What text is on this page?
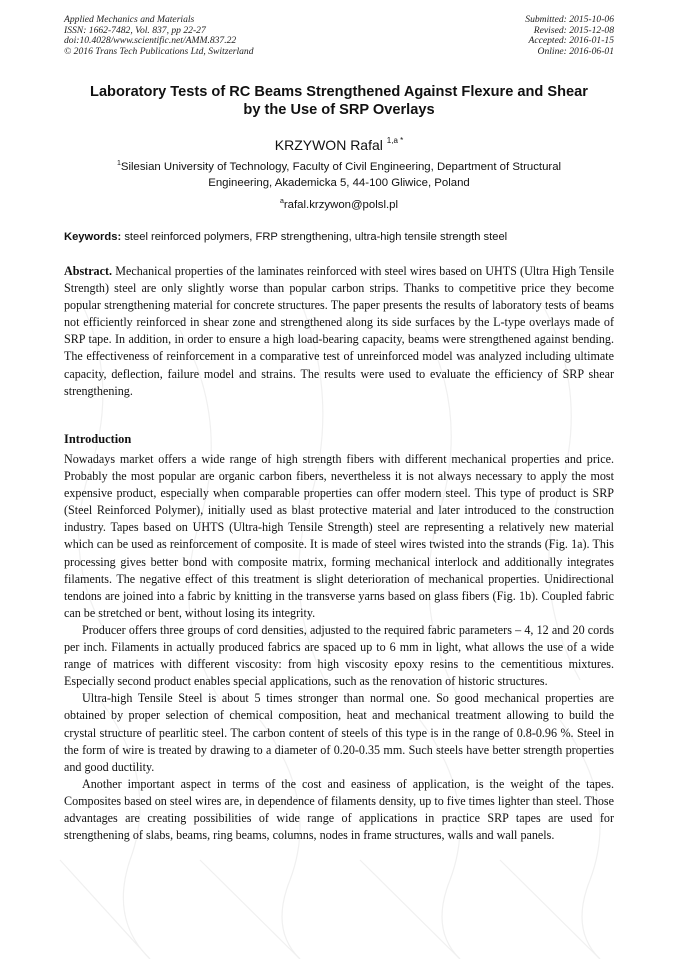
Applied Mechanics and Materials
ISSN: 1662-7482, Vol. 837, pp 22-27
doi:10.4028/www.scientific.net/AMM.837.22
© 2016 Trans Tech Publications Ltd, Switzerland
Submitted: 2015-10-06
Revised: 2015-12-08
Accepted: 2016-01-15
Online: 2016-06-01
Laboratory Tests of RC Beams Strengthened Against Flexure and Shear
by the Use of SRP Overlays
KRZYWON Rafal $^{1,a *}$
$^1$Silesian University of Technology, Faculty of Civil Engineering, Department of Structural
Engineering, Akademicka 5, 44-100 Gliwice, Poland
$^a$rafal.krzywon@polsl.pl
Keywords: steel reinforced polymers, FRP strengthening, ultra-high tensile strength steel
Abstract. Mechanical properties of the laminates reinforced with steel wires based on UHTS (Ultra High Tensile Strength) steel are only slightly worse than popular carbon strips. Thanks to competitive price they become popular strengthening material for concrete structures. The paper presents the results of laboratory tests of beams not efficiently reinforced in shear zone and strengthened along its side surfaces by the L-type overlays made of SRP tape. In addition, in order to ensure a high load-bearing capacity, beams were strengthened against bending. The effectiveness of reinforcement in a comparative test of unreinforced model was analyzed including ultimate capacity, deflection, failure model and strains. The results were used to evaluate the efficiency of SRP shear strengthening.
Introduction

Nowadays market offers a wide range of high strength fibers with different mechanical properties and price. Probably the most popular are organic carbon fibers, nevertheless it is not always necessary to apply the most expensive product, especially when comparable properties can offer modern steel. This type of product is SRP (Steel Reinforced Polymer), initially used as blast protective material and later introduced to the construction industry. Tapes based on UHTS (Ultra-high Tensile Strength) steel are representing a relatively new material which can be used as reinforcement of composite. It is made of steel wires twisted into the strands (Fig. 1a). This processing gives better bond with composite matrix, forming mechanical interlock and additionally integrates filaments. The negative effect of this treatment is slight deterioration of mechanical properties. Unidirectional tendons are joined into a fabric by knitting in the transverse yarns based on glass fibers (Fig. 1b). Coupled fabric can be stretched or bent, without losing its integrity.

Producer offers three groups of cord densities, adjusted to the required fabric parameters – 4, 12 and 20 cords per inch. Filaments in actually produced fabrics are spaced up to 6 mm in light, what allows the use of a wide range of matrices with different viscosity: from high viscosity epoxy resins to the cementitious mixtures. Especially second product enables special applications, such as the renovation of historic structures.

Ultra-high Tensile Steel is about 5 times stronger than normal one. So good mechanical properties are obtained by proper selection of chemical composition, heat and mechanical treatment allowing to build the crystal structure of pearlitic steel. The carbon content of steels of this type is in the range of 0.8-0.96 %. Steel in the form of wire is treated by drawing to a diameter of 0.20-0.35 mm. Such steels have better strength properties and good ductility.

Another important aspect in terms of the cost and easiness of application, is the weight of the tapes. Composites based on steel wires are, in dependence of filaments density, up to five times lighter than steel. Those advantages are creating possibilities of wide range of applications in practice SRP tapes are used for strengthening of slabs, beams, ring beams, columns, nodes in frame structures, walls and wall panels.
